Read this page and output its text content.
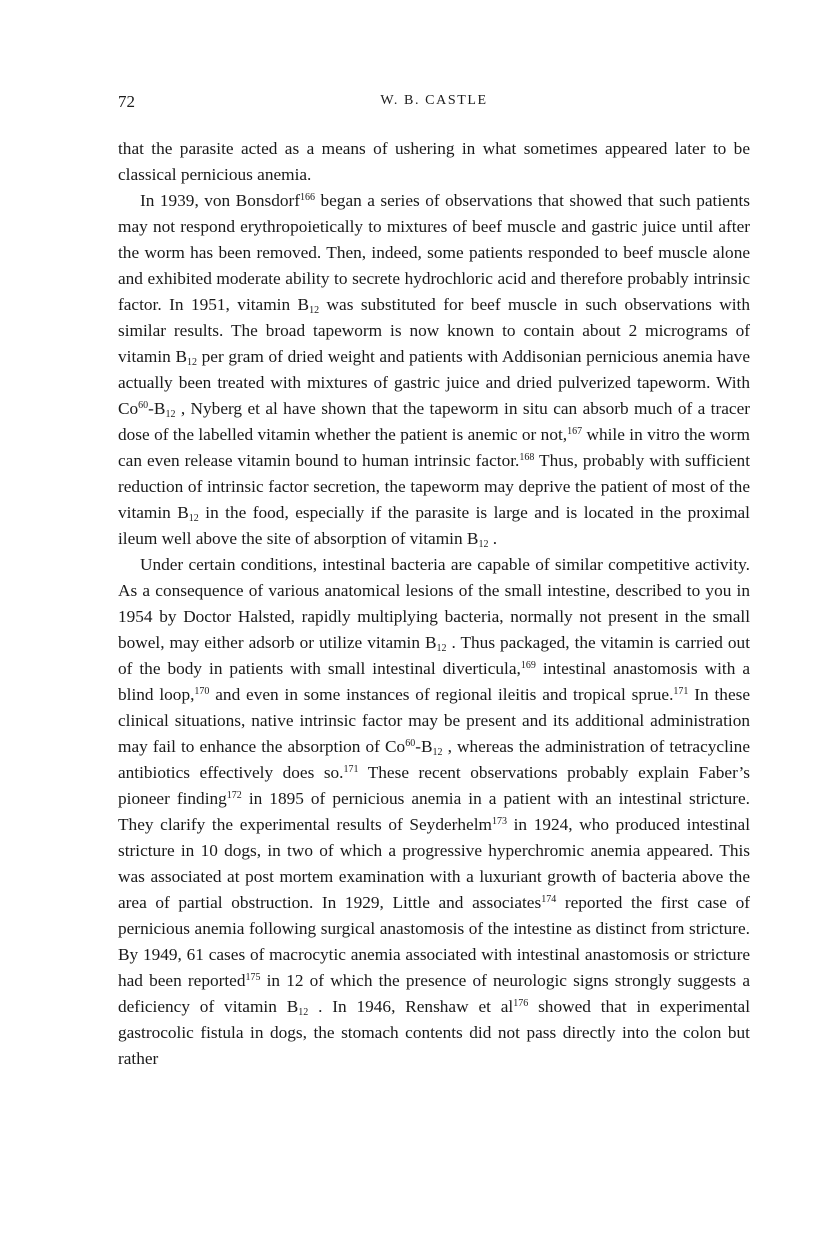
72	W. B. CASTLE

that the parasite acted as a means of ushering in what sometimes appeared later to be classical pernicious anemia.

In 1939, von Bonsdorf$^{166}$ began a series of observations that showed that such patients may not respond erythropoietically to mixtures of beef muscle and gastric juice until after the worm has been removed. Then, indeed, some patients responded to beef muscle alone and exhibited moderate ability to secrete hydrochloric acid and therefore probably intrinsic factor. In 1951, vitamin $B_{12}$ was substituted for beef muscle in such observations with similar results. The broad tapeworm is now known to contain about 2 micrograms of vitamin $B_{12}$ per gram of dried weight and patients with Addisonian pernicious anemia have actually been treated with mixtures of gastric juice and dried pulverized tapeworm. With $Co^{60}-B_{12}$ , Nyberg et al have shown that the tapeworm in situ can absorb much of a tracer dose of the labelled vitamin whether the patient is anemic or not,$^{167}$ while in vitro the worm can even release vitamin bound to human intrinsic factor.$^{168}$ Thus, probably with sufficient reduction of intrinsic factor secretion, the tapeworm may deprive the patient of most of the vitamin $B_{12}$ in the food, especially if the parasite is large and is located in the proximal ileum well above the site of absorption of vitamin $B_{12}$ .

Under certain conditions, intestinal bacteria are capable of similar competitive activity. As a consequence of various anatomical lesions of the small intestine, described to you in 1954 by Doctor Halsted, rapidly multiplying bacteria, normally not present in the small bowel, may either adsorb or utilize vitamin $B_{12}$ . Thus packaged, the vitamin is carried out of the body in patients with small intestinal diverticula,$^{169}$ intestinal anastomosis with a blind loop,$^{170}$ and even in some instances of regional ileitis and tropical sprue.$^{171}$ In these clinical situations, native intrinsic factor may be present and its additional administration may fail to enhance the absorption of $Co^{60}-B_{12}$ , whereas the administration of tetracycline antibiotics effectively does so.$^{171}$ These recent observations probably explain Faber’s pioneer finding$^{172}$ in 1895 of pernicious anemia in a patient with an intestinal stricture. They clarify the experimental results of Seyderhelm$^{173}$ in 1924, who produced intestinal stricture in 10 dogs, in two of which a progressive hyperchromic anemia appeared. This was associated at post mortem examination with a luxuriant growth of bacteria above the area of partial obstruction. In 1929, Little and associates$^{174}$ reported the first case of pernicious anemia following surgical anastomosis of the intestine as distinct from stricture. By 1949, 61 cases of macrocytic anemia associated with intestinal anastomosis or stricture had been reported$^{175}$ in 12 of which the presence of neurologic signs strongly suggests a deficiency of vitamin $B_{12}$ . In 1946, Renshaw et $al^{176}$ showed that in experimental gastrocolic fistula in dogs, the stomach contents did not pass directly into the colon but rather
